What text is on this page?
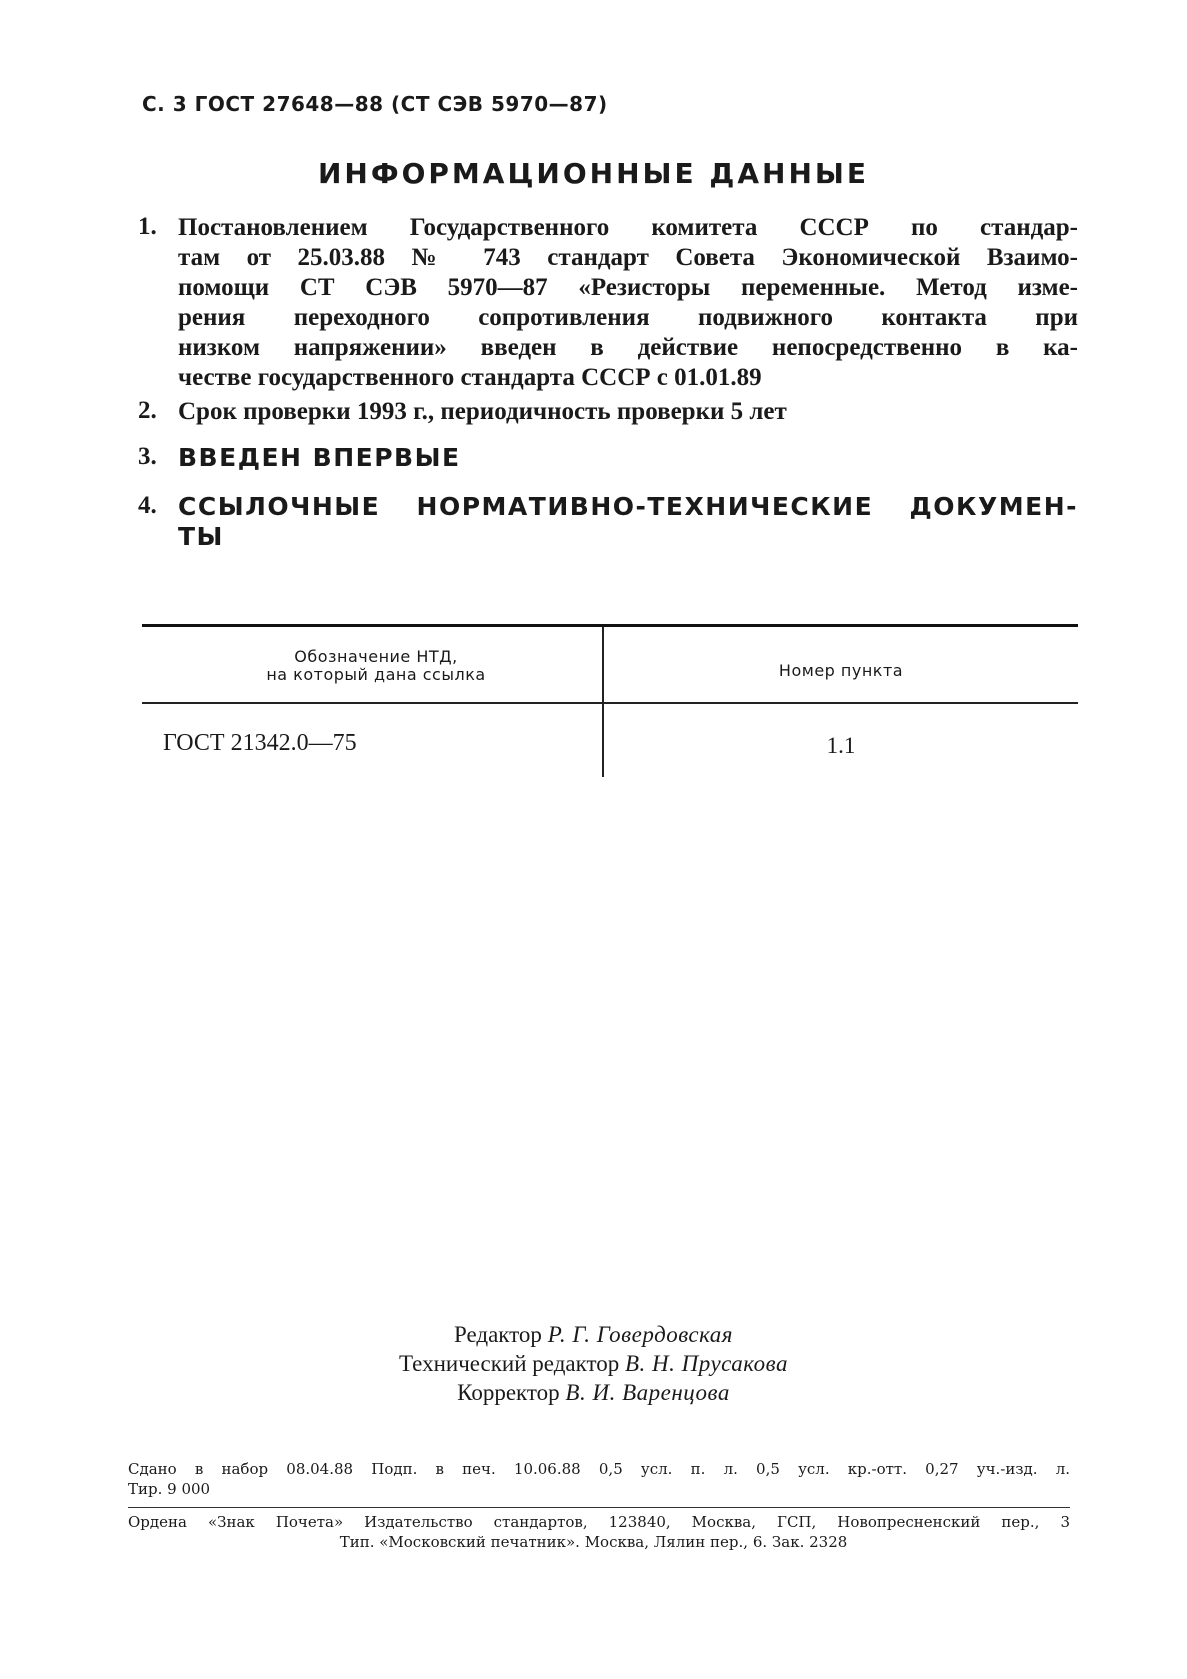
С. 3 ГОСТ 27648—88 (СТ СЭВ 5970—87)
ИНФОРМАЦИОННЫЕ ДАННЫЕ
1. Постановлением Государственного комитета СССР по стандар-
там от 25.03.88 № 743 стандарт Совета Экономической Взаимо-
помощи СТ СЭВ 5970—87 «Резисторы переменные. Метод изме-
рения переходного сопротивления подвижного контакта при
низком напряжении» введен в действие непосредственно в ка-
честве государственного стандарта СССР с 01.01.89
2. Срок проверки 1993 г., периодичность проверки 5 лет
3. ВВЕДЕН ВПЕРВЫЕ
4. ССЫЛОЧНЫЕ НОРМАТИВНО-ТЕХНИЧЕСКИЕ ДОКУМЕН-
ТЫ
Обозначение НТД,
на который дана ссылка	Номер пункта
ГОСТ 21342.0—75	1.1
Редактор Р. Г. Говердовская
Технический редактор В. Н. Прусакова
Корректор В. И. Варенцова
Сдано в набор 08.04.88 Подп. в печ. 10.06.88 0,5 усл. п. л. 0,5 усл. кр.-отт. 0,27 уч.-изд. л.
Тир. 9 000
Ордена «Знак Почета» Издательство стандартов, 123840, Москва, ГСП, Новопресненский пер., 3
Тип. «Московский печатник». Москва, Лялин пер., 6. Зак. 2328
